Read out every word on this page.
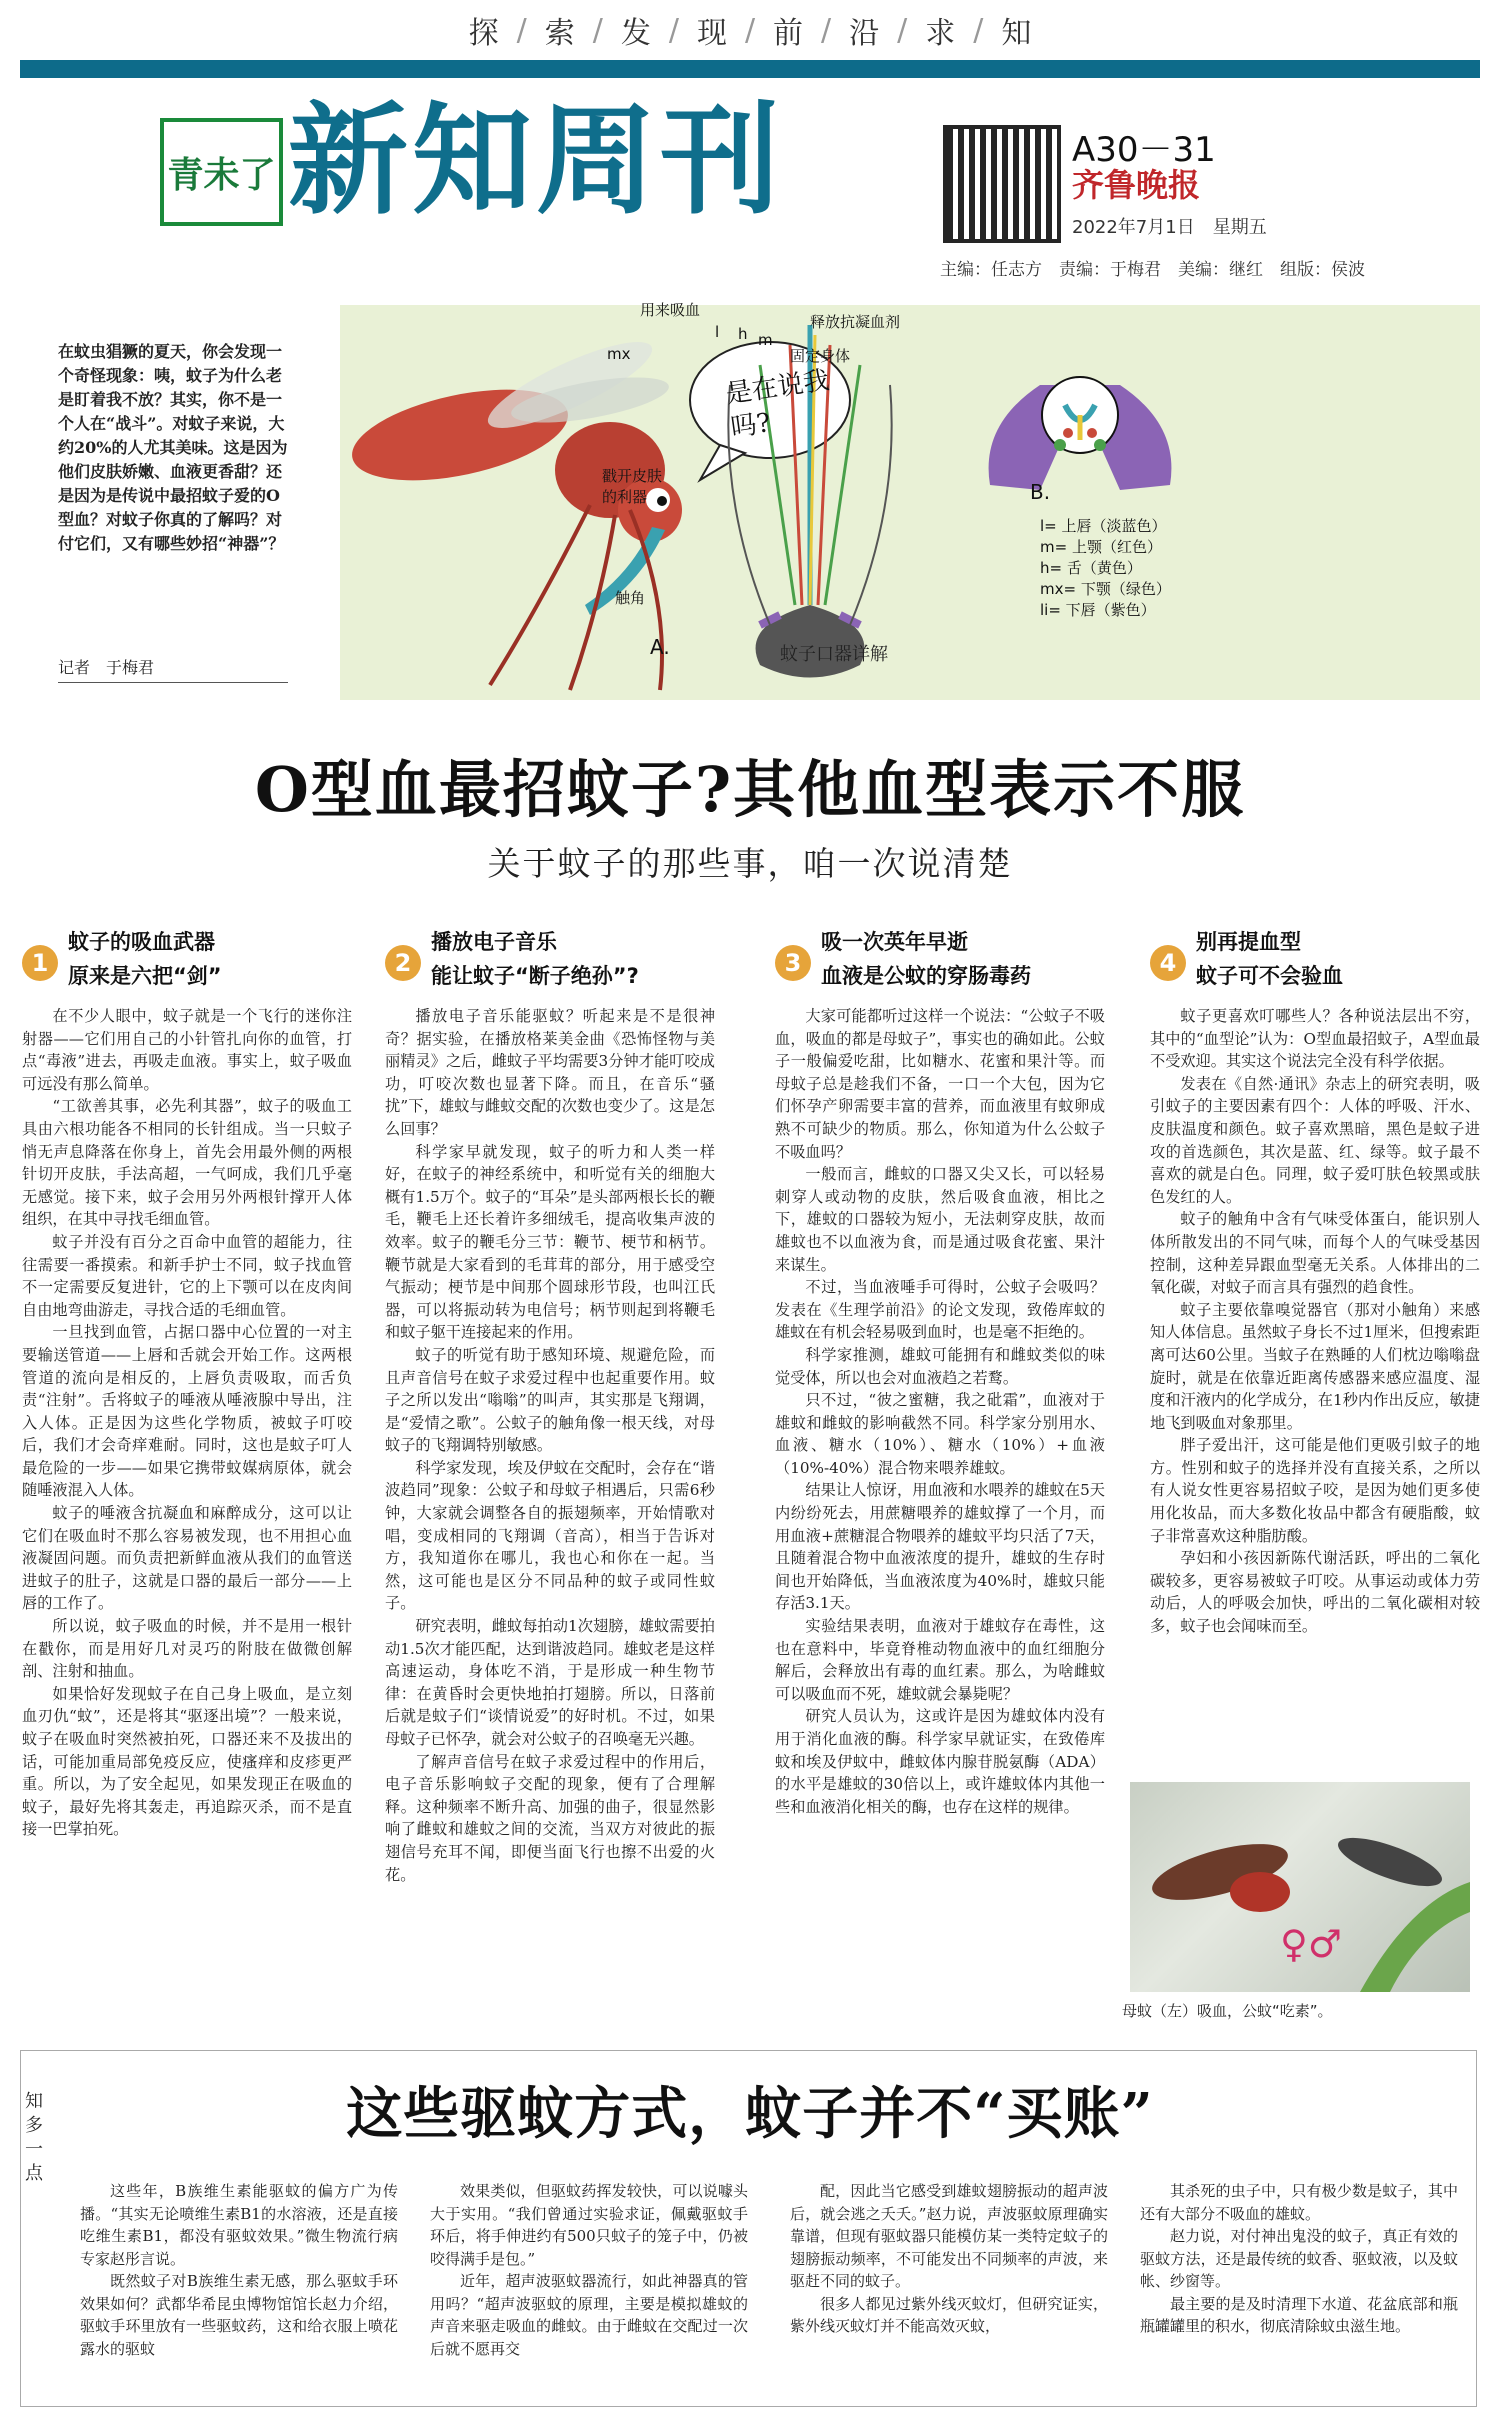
探 / 索 / 发 / 现 / 前 / 沿 / 求 / 知
青未了 新知周刊	A30－31
齐鲁晚报
2022年7月1日　星期五
主编：任志方　责编：于梅君　美编：继红　组版：侯波
在蚊虫猖獗的夏天，你会发现一个奇怪现象：咦，蚊子为什么老是盯着我不放？其实，你不是一个人在“战斗”。对蚊子来说，大约20%的人尤其美味。这是因为他们皮肤娇嫩、血液更香甜？还是因为是传说中最招蚊子爱的O型血？对蚊子你真的了解吗？对付它们，又有哪些妙招“神器”？
记者　于梅君
用来吸血
释放抗凝血剂
固定身体
戳开皮肤的利器
触角
mx
l h m
A.
B.
l= 上唇（淡蓝色）
m= 上颚（红色）
h= 舌（黄色）
mx= 下颚（绿色）
li= 下唇（紫色）
是在说我吗?
蚊子口器详解
O型血最招蚊子?其他血型表示不服
关于蚊子的那些事，咱一次说清楚
1
蚊子的吸血武器
原来是六把“剑”

在不少人眼中，蚊子就是一个飞行的迷你注射器——它们用自己的小针管扎向你的血管，打点“毒液”进去，再吸走血液。事实上，蚊子吸血可远没有那么简单。

“工欲善其事，必先利其器”，蚊子的吸血工具由六根功能各不相同的长针组成。当一只蚊子悄无声息降落在你身上，首先会用最外侧的两根针切开皮肤，手法高超，一气呵成，我们几乎毫无感觉。接下来，蚊子会用另外两根针撑开人体组织，在其中寻找毛细血管。

蚊子并没有百分之百命中血管的超能力，往往需要一番摸索。和新手护士不同，蚊子找血管不一定需要反复进针，它的上下颚可以在皮肉间自由地弯曲游走，寻找合适的毛细血管。

一旦找到血管，占据口器中心位置的一对主要输送管道——上唇和舌就会开始工作。这两根管道的流向是相反的，上唇负责吸取，而舌负责“注射”。舌将蚊子的唾液从唾液腺中导出，注入人体。正是因为这些化学物质，被蚊子叮咬后，我们才会奇痒难耐。同时，这也是蚊子叮人最危险的一步——如果它携带蚊媒病原体，就会随唾液混入人体。

蚊子的唾液含抗凝血和麻醉成分，这可以让它们在吸血时不那么容易被发现，也不用担心血液凝固问题。而负责把新鲜血液从我们的血管送进蚊子的肚子，这就是口器的最后一部分——上唇的工作了。

所以说，蚊子吸血的时候，并不是用一根针在戳你，而是用好几对灵巧的附肢在做微创解剖、注射和抽血。

如果恰好发现蚊子在自己身上吸血，是立刻血刃仇“蚊”，还是将其“驱逐出境”？一般来说，蚊子在吸血时突然被拍死，口器还来不及拔出的话，可能加重局部免疫反应，使瘙痒和皮疹更严重。所以，为了安全起见，如果发现正在吸血的蚊子，最好先将其轰走，再追踪灭杀，而不是直接一巴掌拍死。

2
播放电子音乐
能让蚊子“断子绝孙”?

播放电子音乐能驱蚊？听起来是不是很神奇？据实验，在播放格莱美金曲《恐怖怪物与美丽精灵》之后，雌蚊子平均需要3分钟才能叮咬成功，叮咬次数也显著下降。而且，在音乐“骚扰”下，雄蚊与雌蚊交配的次数也变少了。这是怎么回事？

科学家早就发现，蚊子的听力和人类一样好，在蚊子的神经系统中，和听觉有关的细胞大概有1.5万个。蚊子的“耳朵”是头部两根长长的鞭毛，鞭毛上还长着许多细绒毛，提高收集声波的效率。蚊子的鞭毛分三节：鞭节、梗节和柄节。鞭节就是大家看到的毛茸茸的部分，用于感受空气振动；梗节是中间那个圆球形节段，也叫江氏器，可以将振动转为电信号；柄节则起到将鞭毛和蚊子躯干连接起来的作用。

蚊子的听觉有助于感知环境、规避危险，而且声音信号在蚊子求爱过程中也起重要作用。蚊子之所以发出“嗡嗡”的叫声，其实那是飞翔调，是“爱情之歌”。公蚊子的触角像一根天线，对母蚊子的飞翔调特别敏感。

科学家发现，埃及伊蚊在交配时，会存在“谐波趋同”现象：公蚊子和母蚊子相遇后，只需6秒钟，大家就会调整各自的振翅频率，开始情歌对唱，变成相同的飞翔调（音高），相当于告诉对方，我知道你在哪儿，我也心和你在一起。当然，这可能也是区分不同品种的蚊子或同性蚊子。

研究表明，雌蚊每拍动1次翅膀，雄蚊需要拍动1.5次才能匹配，达到谐波趋同。雄蚊老是这样高速运动，身体吃不消，于是形成一种生物节律：在黄昏时会更快地拍打翅膀。所以，日落前后就是蚊子们“谈情说爱”的好时机。不过，如果母蚊子已怀孕，就会对公蚊子的召唤毫无兴趣。

了解声音信号在蚊子求爱过程中的作用后，电子音乐影响蚊子交配的现象，便有了合理解释。这种频率不断升高、加强的曲子，很显然影响了雌蚊和雄蚊之间的交流，当双方对彼此的振翅信号充耳不闻，即便当面飞行也擦不出爱的火花。

3
吸一次英年早逝
血液是公蚊的穿肠毒药

大家可能都听过这样一个说法：“公蚊子不吸血，吸血的都是母蚊子”，事实也的确如此。公蚊子一般偏爱吃甜，比如糖水、花蜜和果汁等。而母蚊子总是趁我们不备，一口一个大包，因为它们怀孕产卵需要丰富的营养，而血液里有蚊卵成熟不可缺少的物质。那么，你知道为什么公蚊子不吸血吗？

一般而言，雌蚊的口器又尖又长，可以轻易刺穿人或动物的皮肤，然后吸食血液，相比之下，雄蚊的口器较为短小，无法刺穿皮肤，故而雄蚊也不以血液为食，而是通过吸食花蜜、果汁来谋生。

不过，当血液唾手可得时，公蚊子会吸吗？发表在《生理学前沿》的论文发现，致倦库蚊的雄蚊在有机会轻易吸到血时，也是毫不拒绝的。

科学家推测，雄蚊可能拥有和雌蚊类似的味觉受体，所以也会对血液趋之若鹜。

只不过，“彼之蜜糖，我之砒霜”，血液对于雄蚊和雌蚊的影响截然不同。科学家分别用水、血液、糖水（10%）、糖水（10%）+血液（10%-40%）混合物来喂养雄蚊。

结果让人惊讶，用血液和水喂养的雄蚊在5天内纷纷死去，用蔗糖喂养的雄蚊撑了一个月，而用血液+蔗糖混合物喂养的雄蚊平均只活了7天，且随着混合物中血液浓度的提升，雄蚊的生存时间也开始降低，当血液浓度为40%时，雄蚊只能存活3.1天。

实验结果表明，血液对于雄蚊存在毒性，这也在意料中，毕竟脊椎动物血液中的血红细胞分解后，会释放出有毒的血红素。那么，为啥雌蚊可以吸血而不死，雄蚊就会暴毙呢？

研究人员认为，这或许是因为雄蚊体内没有用于消化血液的酶。科学家早就证实，在致倦库蚊和埃及伊蚊中，雌蚊体内腺苷脱氨酶（ADA）的水平是雄蚊的30倍以上，或许雄蚊体内其他一些和血液消化相关的酶，也存在这样的规律。

4
别再提血型
蚊子可不会验血

蚊子更喜欢叮哪些人？各种说法层出不穷，其中的“血型论”认为：O型血最招蚊子，A型血最不受欢迎。其实这个说法完全没有科学依据。

发表在《自然·通讯》杂志上的研究表明，吸引蚊子的主要因素有四个：人体的呼吸、汗水、皮肤温度和颜色。蚊子喜欢黑暗，黑色是蚊子进攻的首选颜色，其次是蓝、红、绿等。蚊子最不喜欢的就是白色。同理，蚊子爱叮肤色较黑或肤色发红的人。

蚊子的触角中含有气味受体蛋白，能识别人体所散发出的不同气味，而每个人的气味受基因控制，这种差异跟血型毫无关系。人体排出的二氧化碳，对蚊子而言具有强烈的趋食性。

蚊子主要依靠嗅觉器官（那对小触角）来感知人体信息。虽然蚊子身长不过1厘米，但搜索距离可达60公里。当蚊子在熟睡的人们枕边嗡嗡盘旋时，就是在依靠近距离传感器来感应温度、湿度和汗液内的化学成分，在1秒内作出反应，敏捷地飞到吸血对象那里。

胖子爱出汗，这可能是他们更吸引蚊子的地方。性别和蚊子的选择并没有直接关系，之所以有人说女性更容易招蚊子咬，是因为她们更多使用化妆品，而大多数化妆品中都含有硬脂酸，蚊子非常喜欢这种脂肪酸。

孕妇和小孩因新陈代谢活跃，呼出的二氧化碳较多，更容易被蚊子叮咬。从事运动或体力劳动后，人的呼吸会加快，呼出的二氧化碳相对较多，蚊子也会闻味而至。

♀♂
母蚊（左）吸血，公蚊“吃素”。
知
多
一
点
这些驱蚊方式，蚊子并不“买账”

这些年，B族维生素能驱蚊的偏方广为传播。“其实无论喷维生素B1的水溶液，还是直接吃维生素B1，都没有驱蚊效果。”微生物流行病专家赵彤言说。

既然蚊子对B族维生素无感，那么驱蚊手环效果如何？武都华希昆虫博物馆馆长赵力介绍，驱蚊手环里放有一些驱蚊药，这和给衣服上喷花露水的驱蚊

效果类似，但驱蚊药挥发较快，可以说噱头大于实用。“我们曾通过实验求证，佩戴驱蚊手环后，将手伸进约有500只蚊子的笼子中，仍被咬得满手是包。”

近年，超声波驱蚊器流行，如此神器真的管用吗？“超声波驱蚊的原理，主要是模拟雄蚊的声音来驱走吸血的雌蚊。由于雌蚊在交配过一次后就不愿再交

配，因此当它感受到雄蚊翅膀振动的超声波后，就会逃之夭夭。”赵力说，声波驱蚊原理确实靠谱，但现有驱蚊器只能模仿某一类特定蚊子的翅膀振动频率，不可能发出不同频率的声波，来驱赶不同的蚊子。

很多人都见过紫外线灭蚊灯，但研究证实，紫外线灭蚊灯并不能高效灭蚊，

其杀死的虫子中，只有极少数是蚊子，其中还有大部分不吸血的雄蚊。

赵力说，对付神出鬼没的蚊子，真正有效的驱蚊方法，还是最传统的蚊香、驱蚊液，以及蚊帐、纱窗等。

最主要的是及时清理下水道、花盆底部和瓶瓶罐罐里的积水，彻底清除蚊虫滋生地。
